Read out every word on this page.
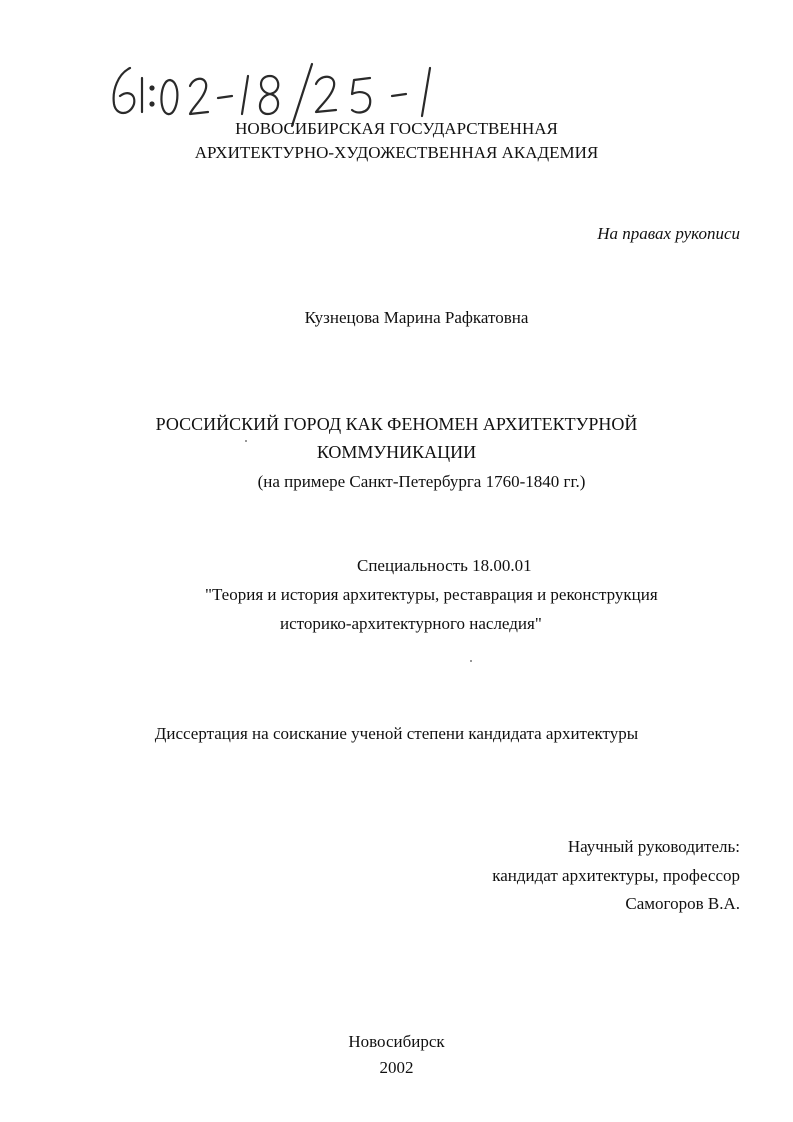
НОВОСИБИРСКАЯ ГОСУДАРСТВЕННАЯ
АРХИТЕКТУРНО-ХУДОЖЕСТВЕННАЯ АКАДЕМИЯ
На правах рукописи
Кузнецова Марина Рафкатовна
РОССИЙСКИЙ ГОРОД КАК ФЕНОМЕН АРХИТЕКТУРНОЙ
КОММУНИКАЦИИ
(на примере Санкт-Петербурга 1760-1840 гг.)
Специальность 18.00.01
"Теория и история архитектуры, реставрация и реконструкция
историко-архитектурного наследия"
Диссертация на соискание ученой степени кандидата архитектуры
Научный руководитель:
кандидат архитектуры, профессор
Самогоров В.А.
Новосибирск
2002
